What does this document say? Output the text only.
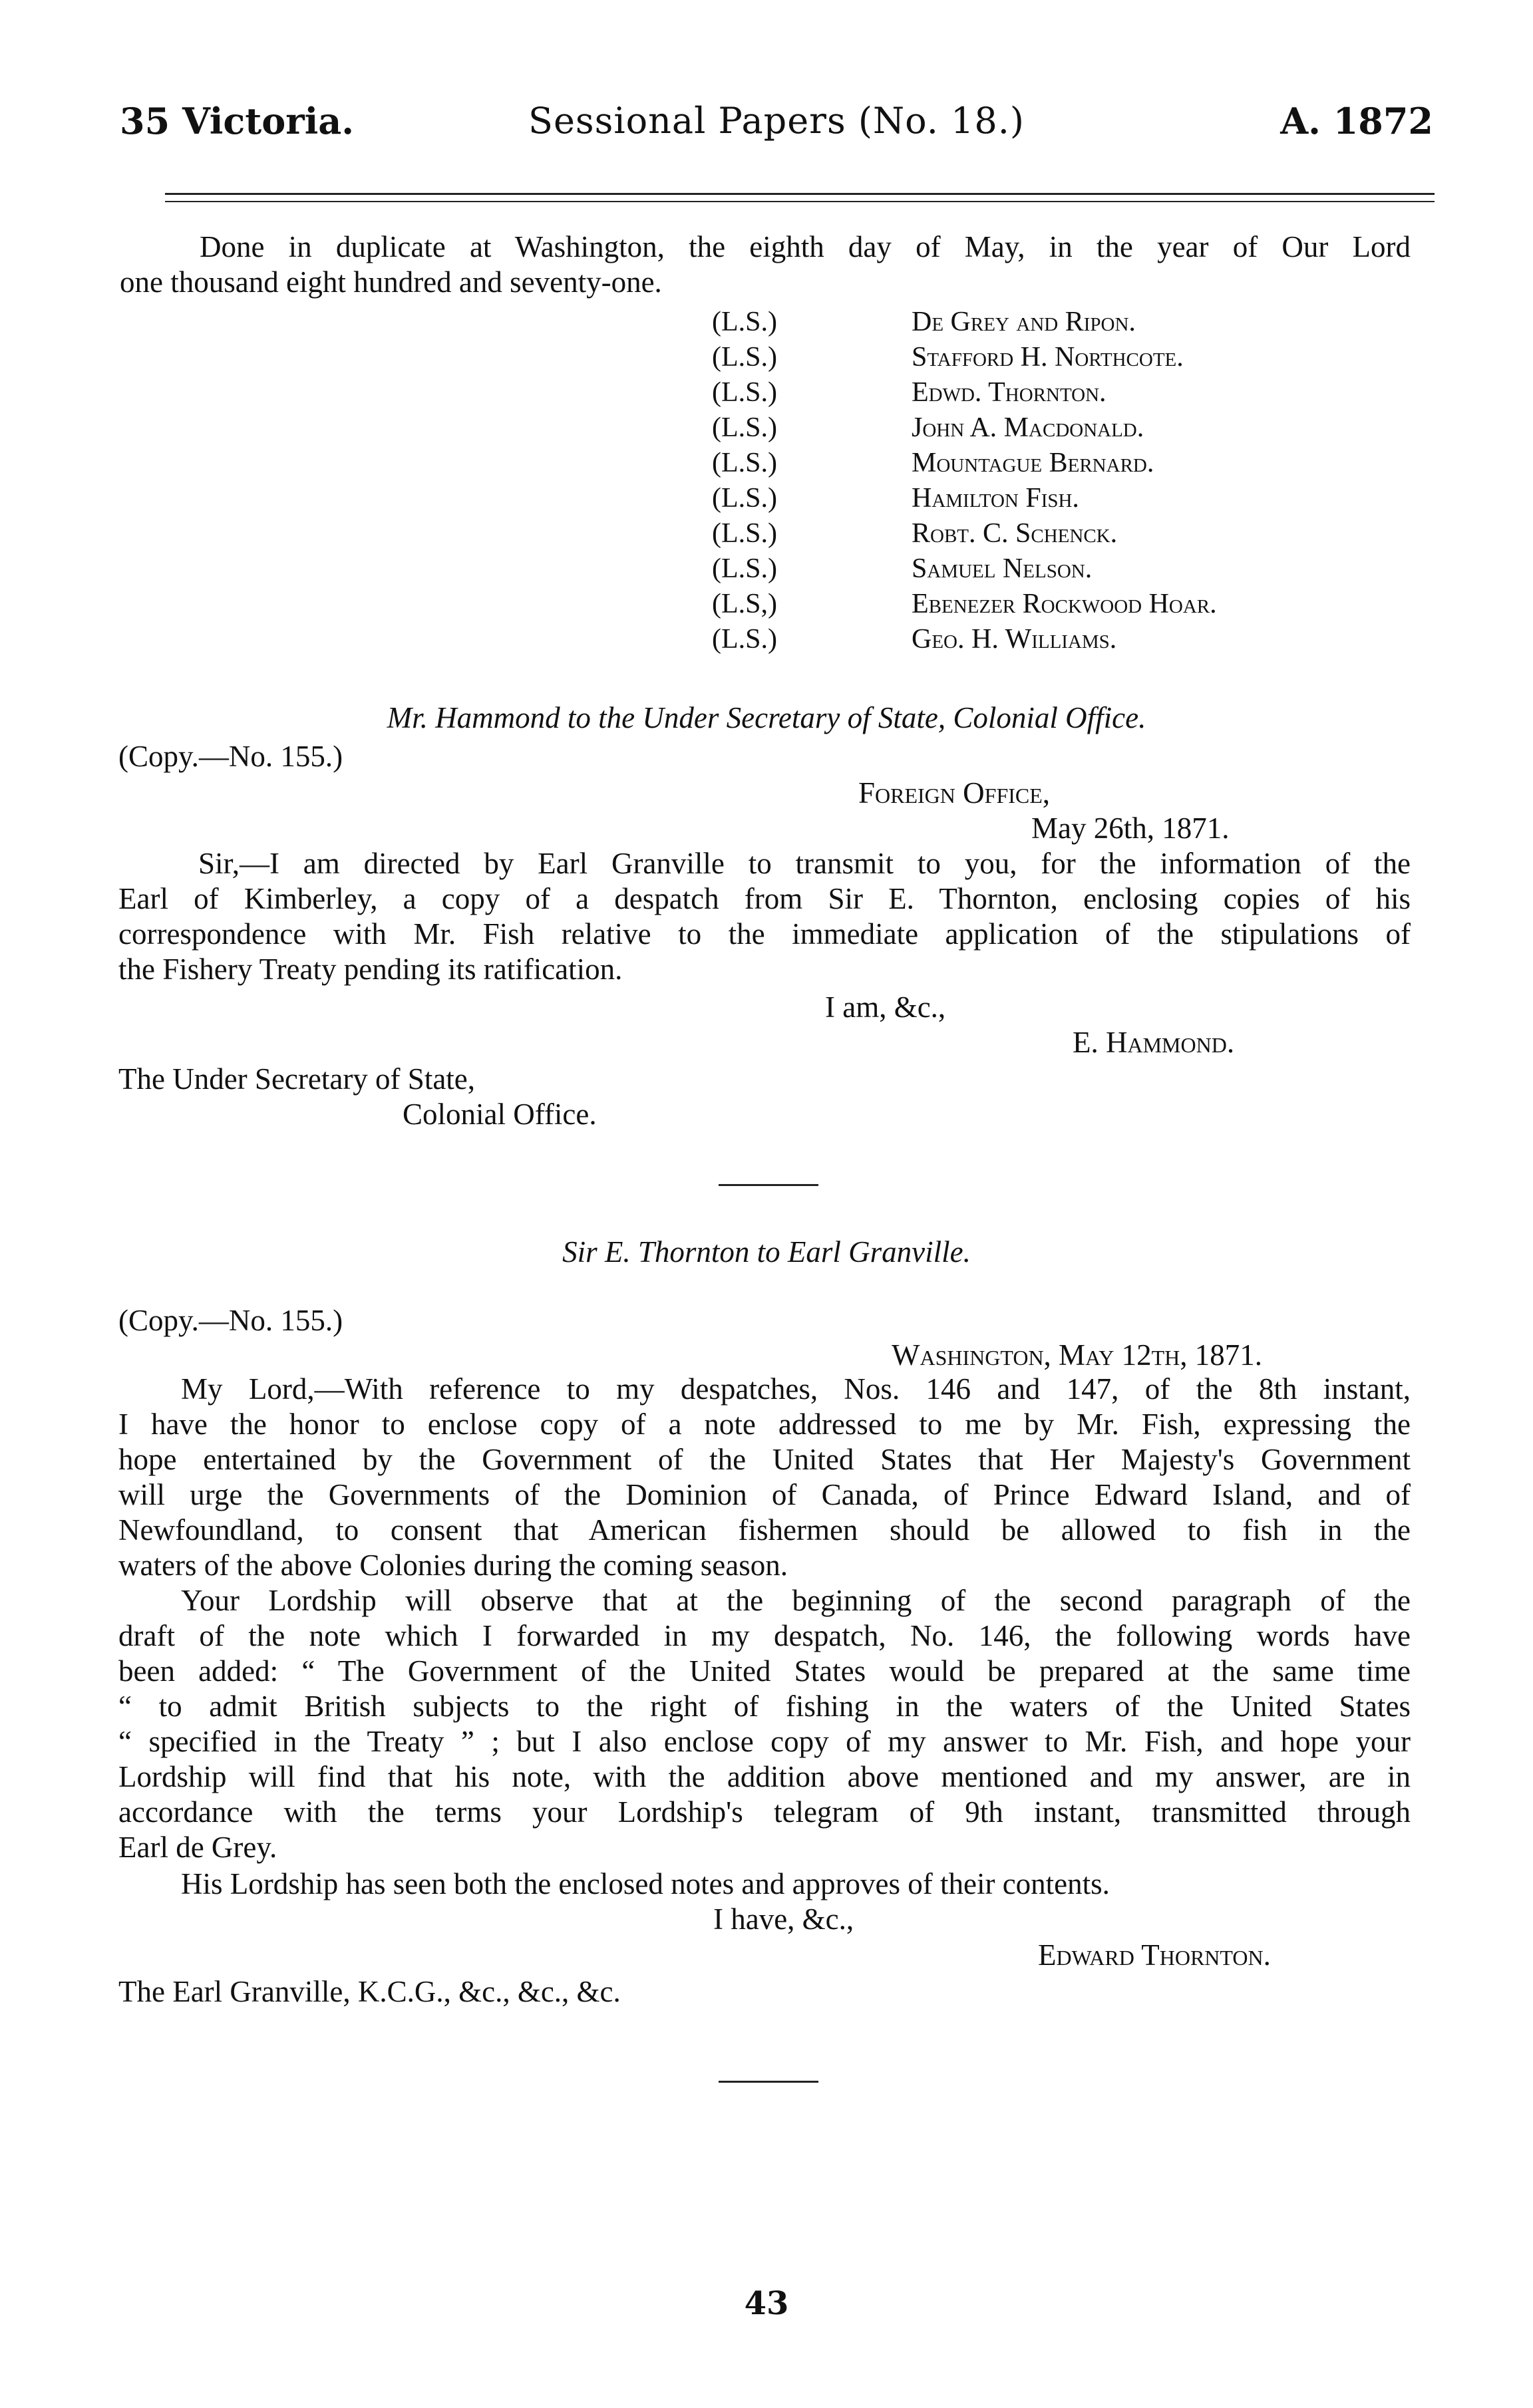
35 Victoria.	Sessional Papers (No. 18.)	A. 1872
Done in duplicate at Washington, the eighth day of May, in the year of Our Lord
one thousand eight hundred and seventy-one.
(L.S.)	De Grey and Ripon.
(L.S.)	Stafford H. Northcote.
(L.S.)	Edwd. Thornton.
(L.S.)	John A. Macdonald.
(L.S.)	Mountague Bernard.
(L.S.)	Hamilton Fish.
(L.S.)	Robt. C. Schenck.
(L.S.)	Samuel Nelson.
(L.S,)	Ebenezer Rockwood Hoar.
(L.S.)	Geo. H. Williams.
Mr. Hammond to the Under Secretary of State, Colonial Office.
(Copy.—No. 155.)
Foreign Office,
May 26th, 1871.
Sir,—I am directed by Earl Granville to transmit to you, for the information of the
Earl of Kimberley, a copy of a despatch from Sir E. Thornton, enclosing copies of his
correspondence with Mr. Fish relative to the immediate application of the stipulations of
the Fishery Treaty pending its ratification.
I am, &c.,
E. Hammond.
The Under Secretary of State,
Colonial Office.
Sir E. Thornton to Earl Granville.
(Copy.—No. 155.)
Washington, May 12th, 1871.
My Lord,—With reference to my despatches, Nos. 146 and 147, of the 8th instant,
I have the honor to enclose copy of a note addressed to me by Mr. Fish, expressing the
hope entertained by the Government of the United States that Her Majesty's Government
will urge the Governments of the Dominion of Canada, of Prince Edward Island, and of
Newfoundland, to consent that American fishermen should be allowed to fish in the
waters of the above Colonies during the coming season.
Your Lordship will observe that at the beginning of the second paragraph of the
draft of the note which I forwarded in my despatch, No. 146, the following words have
been added: “ The Government of the United States would be prepared at the same time
“ to admit British subjects to the right of fishing in the waters of the United States
“ specified in the Treaty ” ; but I also enclose copy of my answer to Mr. Fish, and hope your
Lordship will find that his note, with the addition above mentioned and my answer, are in
accordance with the terms your Lordship's telegram of 9th instant, transmitted through
Earl de Grey.
His Lordship has seen both the enclosed notes and approves of their contents.
I have, &c.,
Edward Thornton.
The Earl Granville, K.C.G., &c., &c., &c.
43
